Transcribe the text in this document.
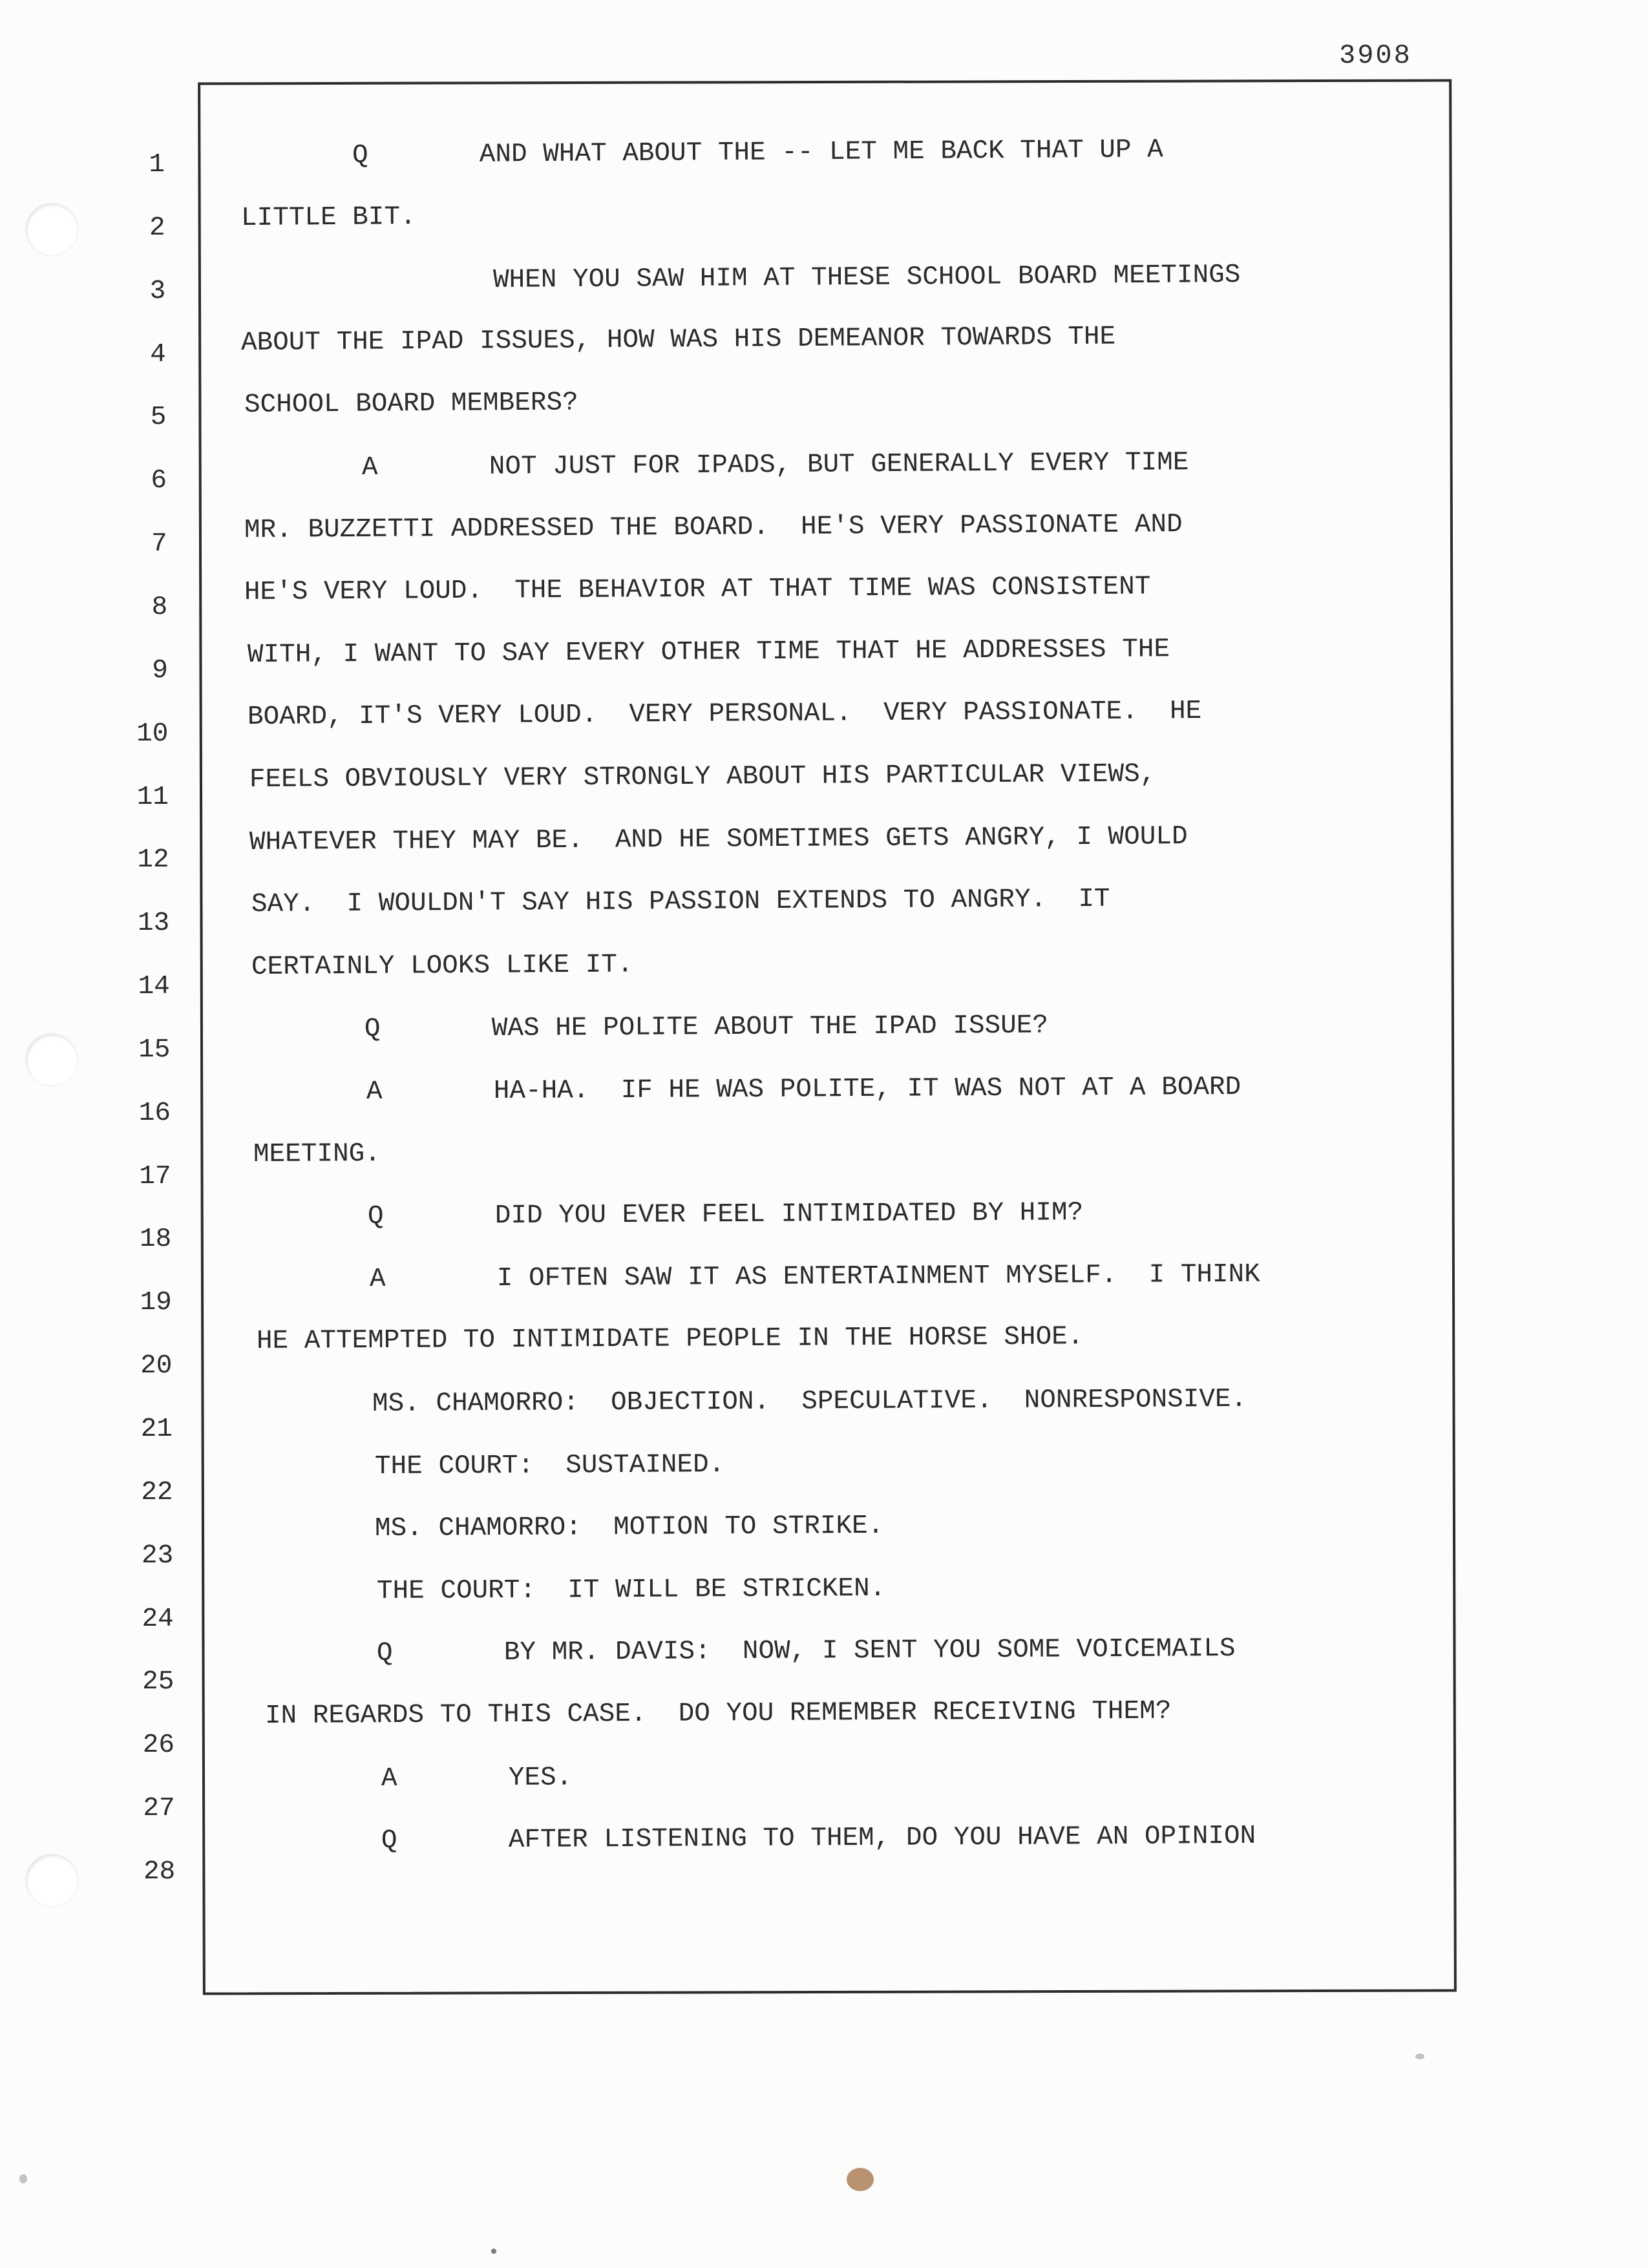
3908
1
2
3
4
5
6
7
8
9
10
11
12
13
14
15
16
17
18
19
20
21
22
23
24
25
26
27
28
Q       AND WHAT ABOUT THE -- LET ME BACK THAT UP A
LITTLE BIT.
WHEN YOU SAW HIM AT THESE SCHOOL BOARD MEETINGS
ABOUT THE IPAD ISSUES, HOW WAS HIS DEMEANOR TOWARDS THE
SCHOOL BOARD MEMBERS?
A       NOT JUST FOR IPADS, BUT GENERALLY EVERY TIME
MR. BUZZETTI ADDRESSED THE BOARD.  HE'S VERY PASSIONATE AND
HE'S VERY LOUD.  THE BEHAVIOR AT THAT TIME WAS CONSISTENT
WITH, I WANT TO SAY EVERY OTHER TIME THAT HE ADDRESSES THE
BOARD, IT'S VERY LOUD.  VERY PERSONAL.  VERY PASSIONATE.  HE
FEELS OBVIOUSLY VERY STRONGLY ABOUT HIS PARTICULAR VIEWS,
WHATEVER THEY MAY BE.  AND HE SOMETIMES GETS ANGRY, I WOULD
SAY.  I WOULDN'T SAY HIS PASSION EXTENDS TO ANGRY.  IT
CERTAINLY LOOKS LIKE IT.
Q       WAS HE POLITE ABOUT THE IPAD ISSUE?
A       HA-HA.  IF HE WAS POLITE, IT WAS NOT AT A BOARD
MEETING.
Q       DID YOU EVER FEEL INTIMIDATED BY HIM?
A       I OFTEN SAW IT AS ENTERTAINMENT MYSELF.  I THINK
HE ATTEMPTED TO INTIMIDATE PEOPLE IN THE HORSE SHOE.
MS. CHAMORRO:  OBJECTION.  SPECULATIVE.  NONRESPONSIVE.
THE COURT:  SUSTAINED.
MS. CHAMORRO:  MOTION TO STRIKE.
THE COURT:  IT WILL BE STRICKEN.
Q       BY MR. DAVIS:  NOW, I SENT YOU SOME VOICEMAILS
IN REGARDS TO THIS CASE.  DO YOU REMEMBER RECEIVING THEM?
A       YES.
Q       AFTER LISTENING TO THEM, DO YOU HAVE AN OPINION
